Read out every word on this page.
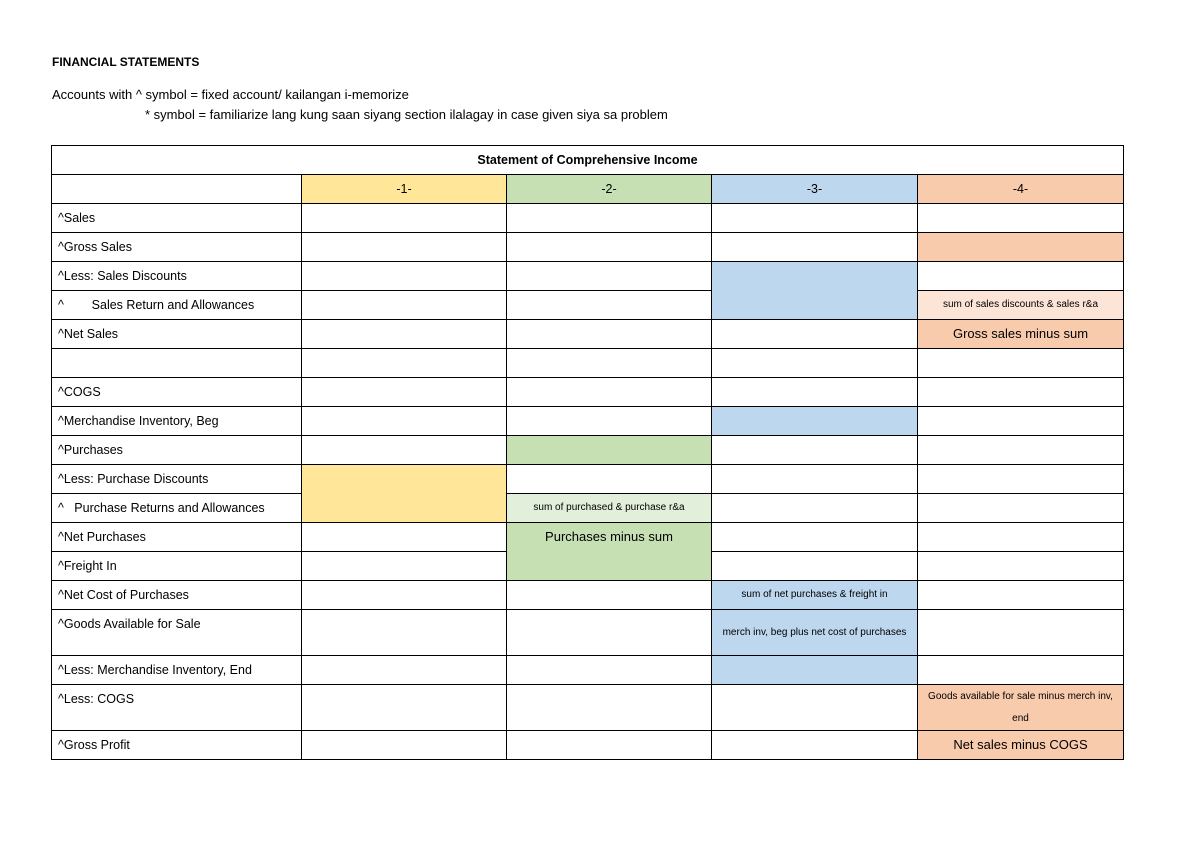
FINANCIAL STATEMENTS
Accounts with ^ symbol = fixed account/ kailangan i-memorize
* symbol = familiarize lang kung saan siyang section ilalagay in case given siya sa problem
Statement of Comprehensive Income				
	-1-	-2-	-3-	-4-
^Sales				
^Gross Sales				
^Less: Sales Discounts				
^        Sales Return and Allowances				sum of sales discounts & sales r&a
^Net Sales				Gross sales minus sum

^COGS				
^Merchandise Inventory, Beg				
^Purchases				
^Less: Purchase Discounts				
^   Purchase Returns and Allowances		sum of purchased & purchase r&a		
^Net Purchases		Purchases minus sum		
^Freight In				
^Net Cost of Purchases			sum of net purchases & freight in	
^Goods Available for Sale			merch inv, beg plus net cost of purchases	
^Less: Merchandise Inventory, End				
^Less: COGS				Goods available for sale minus merch inv, end
^Gross Profit				Net sales minus COGS
